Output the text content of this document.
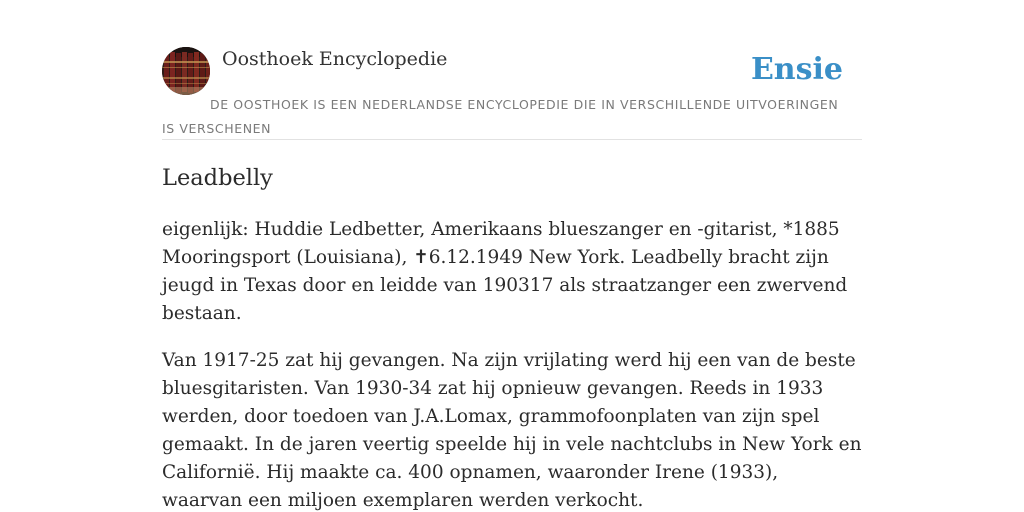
Oosthoek Encyclopedie	Ensie
DE OOSTHOEK IS EEN NEDERLANDSE ENCYCLOPEDIE DIE IN VERSCHILLENDE UITVOERINGEN IS VERSCHENEN
Leadbelly

eigenlijk: Huddie Ledbetter, Amerikaans blueszanger en -gitarist, *1885 Mooringsport (Louisiana), ✝6.12.1949 New York. Leadbelly bracht zijn jeugd in Texas door en leidde van 190317 als straatzanger een zwervend bestaan.

Van 1917-25 zat hij gevangen. Na zijn vrijlating werd hij een van de beste bluesgitaristen. Van 1930-34 zat hij opnieuw gevangen. Reeds in 1933 werden, door toedoen van J.A.Lomax, grammofoonplaten van zijn spel gemaakt. In de jaren veertig speelde hij in vele nachtclubs in New York en Californië. Hij maakte ca. 400 opnamen, waaronder Irene (1933), waarvan een miljoen exemplaren werden verkocht.
